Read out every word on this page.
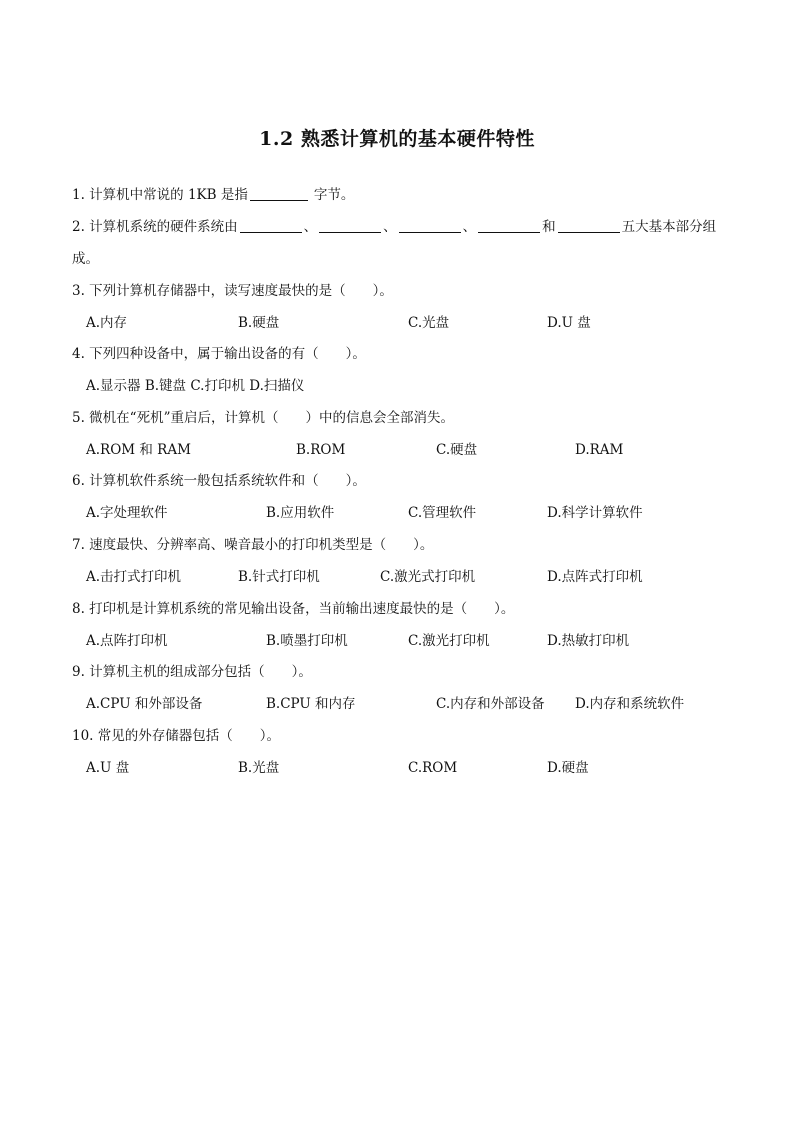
1.2 熟悉计算机的基本硬件特性
1. 计算机中常说的 1KB 是指	字节。
2. 计算机系统的硬件系统由	、	、	、	和	五大基本部分组
成。
3. 下列计算机存储器中，读写速度最快的是（　　）。
A.内存	B.硬盘	C.光盘	D.U 盘
4. 下列四种设备中，属于输出设备的有（　　）。
A.显示器 B.键盘 C.打印机 D.扫描仪
5. 微机在“死机”重启后，计算机（　　）中的信息会全部消失。
A.ROM 和 RAM	B.ROM	C.硬盘	D.RAM
6. 计算机软件系统一般包括系统软件和（　　）。
A.字处理软件	B.应用软件	C.管理软件	D.科学计算软件
7. 速度最快、分辨率高、噪音最小的打印机类型是（　　）。
A.击打式打印机	B.针式打印机	C.激光式打印机	D.点阵式打印机
8. 打印机是计算机系统的常见输出设备，当前输出速度最快的是（　　）。
A.点阵打印机	B.喷墨打印机	C.激光打印机	D.热敏打印机
9. 计算机主机的组成部分包括（　　）。
A.CPU 和外部设备	B.CPU 和内存	C.内存和外部设备 D.内存和系统软件
10. 常见的外存储器包括（　　）。
A.U 盘	B.光盘	C.ROM	D.硬盘
